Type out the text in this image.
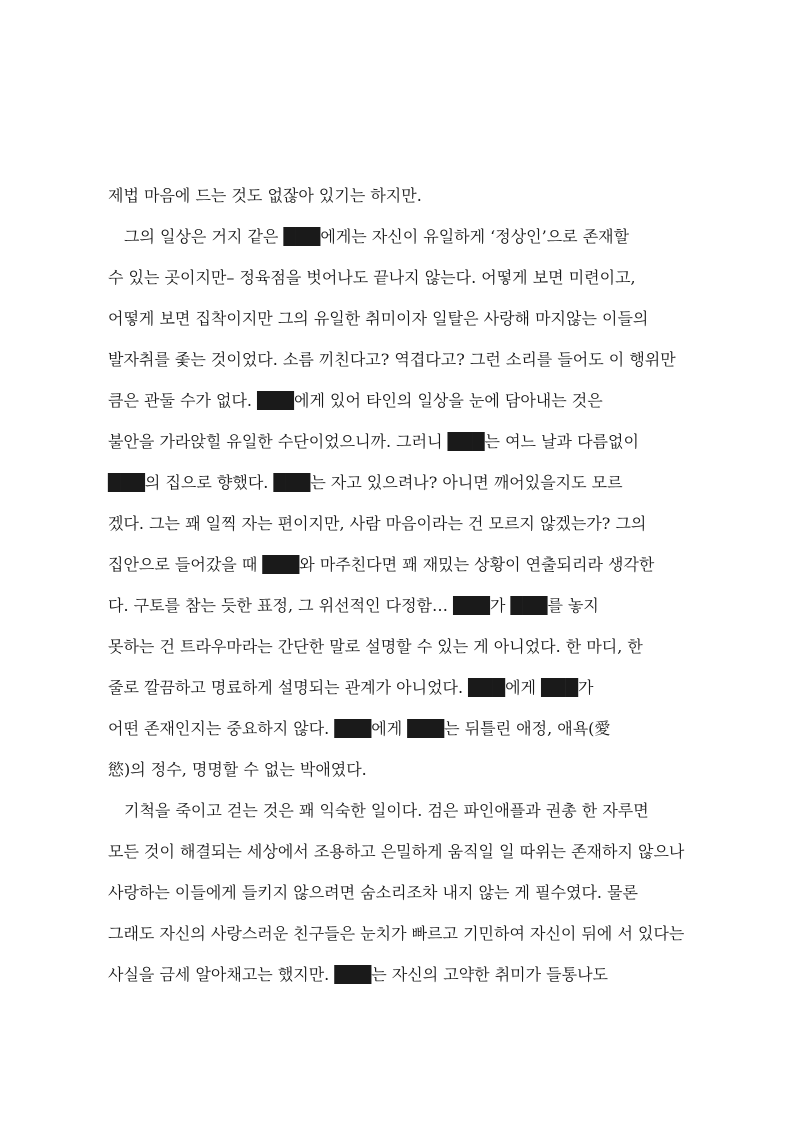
제법 마음에 드는 것도 없잖아 있기는 하지만.
그의 일상은 거지 같은 ███에게는 자신이 유일하게 ‘정상인’으로 존재할
수 있는 곳이지만– 정육점을 벗어나도 끝나지 않는다. 어떻게 보면 미련이고,
어떻게 보면 집착이지만 그의 유일한 취미이자 일탈은 사랑해 마지않는 이들의
발자취를 좇는 것이었다. 소름 끼친다고? 역겹다고? 그런 소리를 들어도 이 행위만
큼은 관둘 수가 없다. ███에게 있어 타인의 일상을 눈에 담아내는 것은
불안을 가라앉힐 유일한 수단이었으니까. 그러니 ███는 여느 날과 다름없이
███의 집으로 향했다. ███는 자고 있으려나? 아니면 깨어있을지도 모르
겠다. 그는 꽤 일찍 자는 편이지만, 사람 마음이라는 건 모르지 않겠는가? 그의
집안으로 들어갔을 때 ███와 마주친다면 꽤 재밌는 상황이 연출되리라 생각한
다. 구토를 참는 듯한 표정, 그 위선적인 다정함… ███가 ███를 놓지
못하는 건 트라우마라는 간단한 말로 설명할 수 있는 게 아니었다. 한 마디, 한
줄로 깔끔하고 명료하게 설명되는 관계가 아니었다. ███에게 ███가
어떤 존재인지는 중요하지 않다. ███에게 ███는 뒤틀린 애정, 애욕(愛
慾)의 정수, 명명할 수 없는 박애였다.
기척을 죽이고 걷는 것은 꽤 익숙한 일이다. 검은 파인애플과 권총 한 자루면
모든 것이 해결되는 세상에서 조용하고 은밀하게 움직일 일 따위는 존재하지 않으나
사랑하는 이들에게 들키지 않으려면 숨소리조차 내지 않는 게 필수였다. 물론
그래도 자신의 사랑스러운 친구들은 눈치가 빠르고 기민하여 자신이 뒤에 서 있다는
사실을 금세 알아채고는 했지만. ███는 자신의 고약한 취미가 들통나도
